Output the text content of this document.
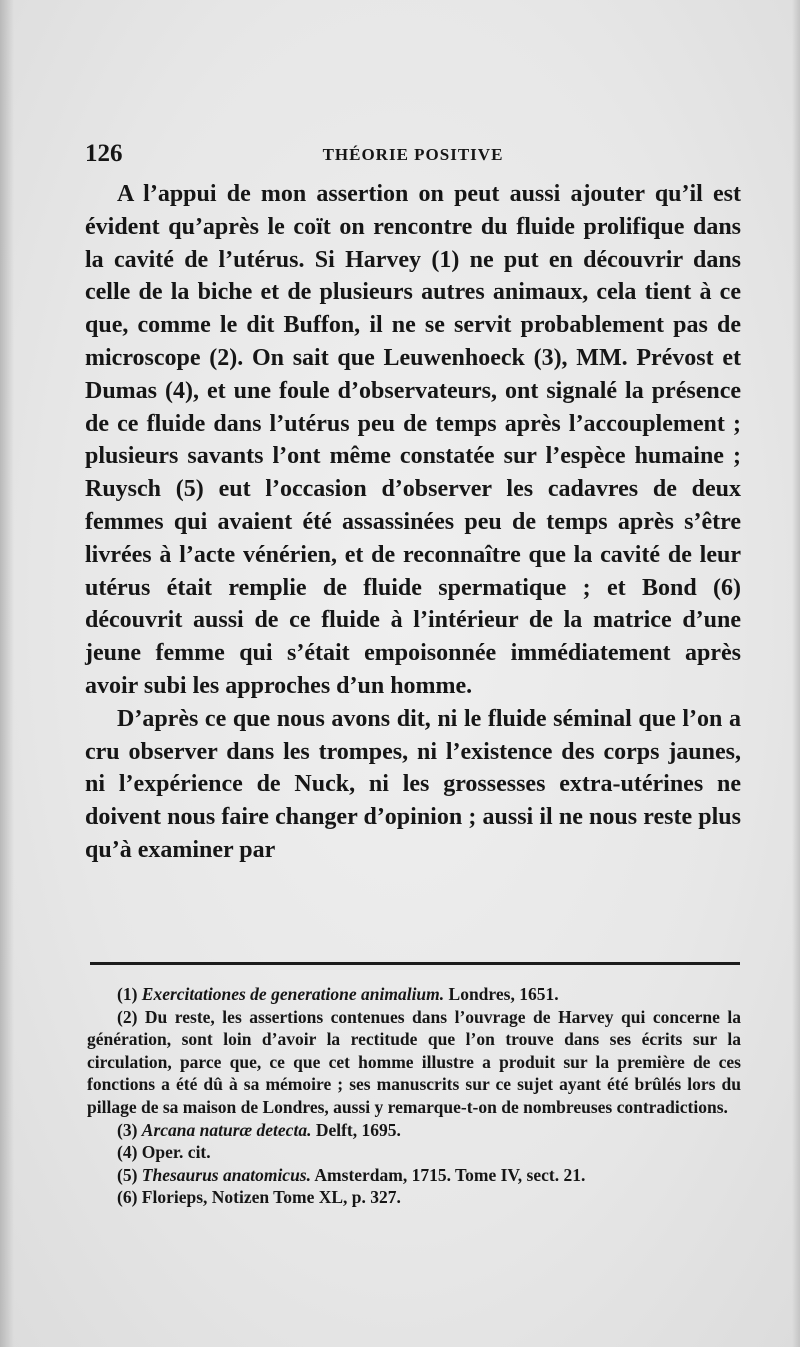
126	THÉORIE POSITIVE

A l’appui de mon assertion on peut aussi ajouter qu’il est évident qu’après le coït on rencontre du fluide prolifique dans la cavité de l’utérus. Si Harvey (1) ne put en découvrir dans celle de la biche et de plusieurs autres animaux, cela tient à ce que, comme le dit Buffon, il ne se servit probablement pas de microscope (2). On sait que Leuwenhoeck (3), MM. Prévost et Dumas (4), et une foule d’observateurs, ont signalé la présence de ce fluide dans l’utérus peu de temps après l’accouplement ; plusieurs savants l’ont même constatée sur l’espèce humaine ; Ruysch (5) eut l’occasion d’observer les cadavres de deux femmes qui avaient été assassinées peu de temps après s’être livrées à l’acte vénérien, et de reconnaître que la cavité de leur utérus était remplie de fluide spermatique ; et Bond (6) découvrit aussi de ce fluide à l’intérieur de la matrice d’une jeune femme qui s’était empoisonnée immédiatement après avoir subi les approches d’un homme.

D’après ce que nous avons dit, ni le fluide séminal que l’on a cru observer dans les trompes, ni l’existence des corps jaunes, ni l’expérience de Nuck, ni les grossesses extra-utérines ne doivent nous faire changer d’opinion ; aussi il ne nous reste plus qu’à examiner par

(1) Exercitationes de generatione animalium. Londres, 1651.

(2) Du reste, les assertions contenues dans l’ouvrage de Harvey qui concerne la génération, sont loin d’avoir la rectitude que l’on trouve dans ses écrits sur la circulation, parce que, ce que cet homme illustre a produit sur la première de ces fonctions a été dû à sa mémoire ; ses manuscrits sur ce sujet ayant été brûlés lors du pillage de sa maison de Londres, aussi y remarque-t-on de nombreuses contradictions.

(3) Arcana naturæ detecta. Delft, 1695.

(4) Oper. cit.

(5) Thesaurus anatomicus. Amsterdam, 1715. Tome IV, sect. 21.

(6) Florieps, Notizen Tome XL, p. 327.
